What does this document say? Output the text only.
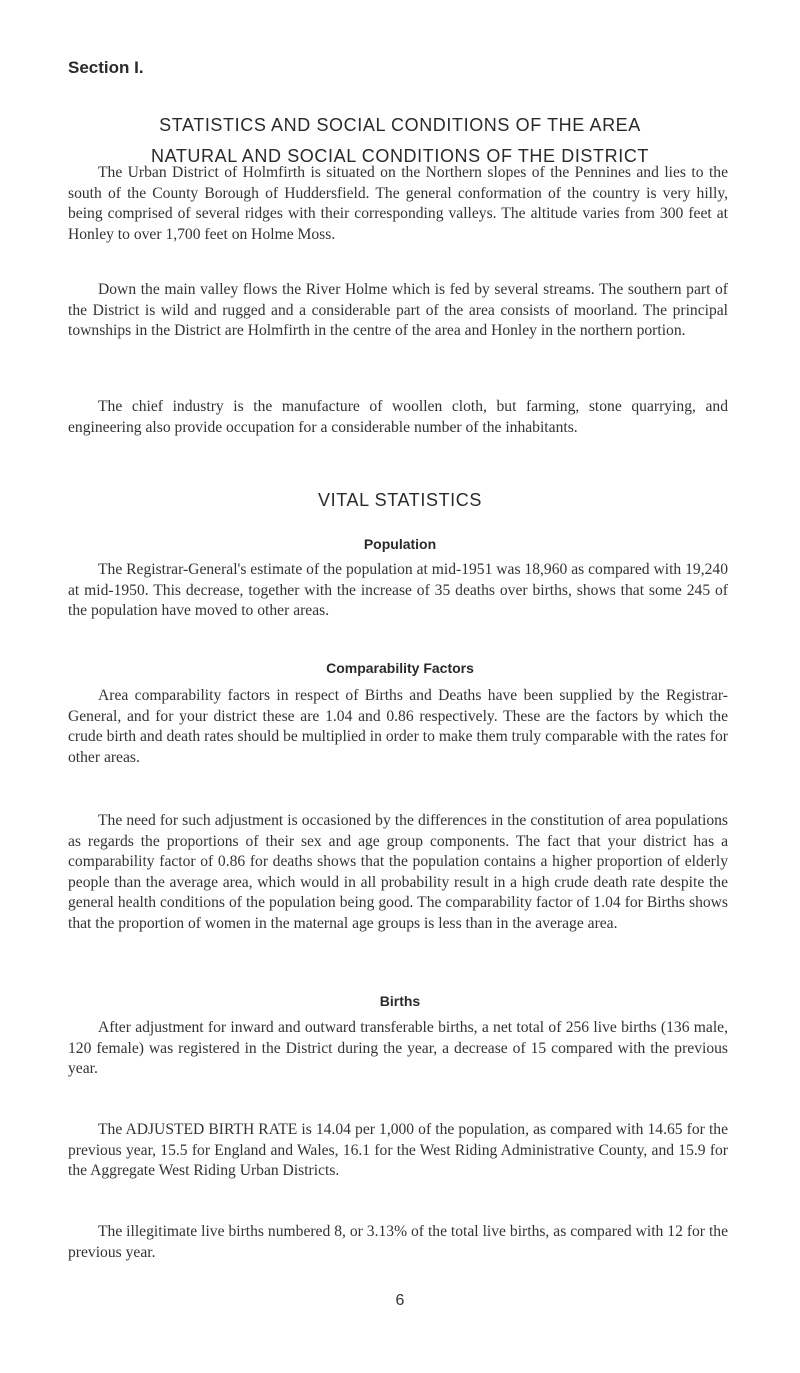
Section I.
STATISTICS AND SOCIAL CONDITIONS OF THE AREA
NATURAL AND SOCIAL CONDITIONS OF THE DISTRICT

The Urban District of Holmfirth is situated on the Northern slopes of the Pennines and lies to the south of the County Borough of Huddersfield. The general conformation of the country is very hilly, being comprised of several ridges with their corresponding valleys. The altitude varies from 300 feet at Honley to over 1,700 feet on Holme Moss.

Down the main valley flows the River Holme which is fed by several streams. The southern part of the District is wild and rugged and a considerable part of the area consists of moorland. The principal townships in the District are Holmfirth in the centre of the area and Honley in the northern portion.

The chief industry is the manufacture of woollen cloth, but farming, stone quarrying, and engineering also provide occupation for a considerable number of the inhabitants.

VITAL STATISTICS
Population

The Registrar-General's estimate of the population at mid-1951 was 18,960 as compared with 19,240 at mid-1950. This decrease, together with the increase of 35 deaths over births, shows that some 245 of the population have moved to other areas.

Comparability Factors

Area comparability factors in respect of Births and Deaths have been supplied by the Registrar-General, and for your district these are 1.04 and 0.86 respectively. These are the factors by which the crude birth and death rates should be multiplied in order to make them truly comparable with the rates for other areas.

The need for such adjustment is occasioned by the differences in the constitution of area populations as regards the proportions of their sex and age group components. The fact that your district has a comparability factor of 0.86 for deaths shows that the population contains a higher proportion of elderly people than the average area, which would in all probability result in a high crude death rate despite the general health conditions of the population being good. The comparability factor of 1.04 for Births shows that the proportion of women in the maternal age groups is less than in the average area.

Births

After adjustment for inward and outward transferable births, a net total of 256 live births (136 male, 120 female) was registered in the District during the year, a decrease of 15 compared with the previous year.

The ADJUSTED BIRTH RATE is 14.04 per 1,000 of the population, as compared with 14.65 for the previous year, 15.5 for England and Wales, 16.1 for the West Riding Administrative County, and 15.9 for the Aggregate West Riding Urban Districts.

The illegitimate live births numbered 8, or 3.13% of the total live births, as compared with 12 for the previous year.

6
